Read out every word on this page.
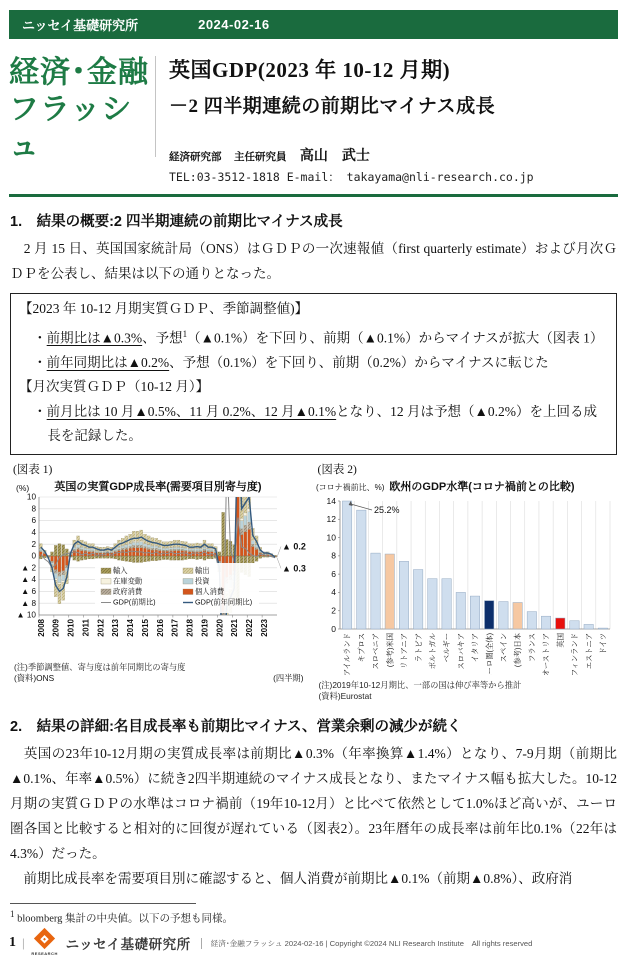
ニッセイ基礎研究所	2024-02-16
経済･金融
フラッシュ
英国GDP(2023 年 10-12 月期)
－2 四半期連続の前期比マイナス成長
経済研究部 主任研究員 高山　武士
TEL:03-3512-1818 E-mail： takayama@nli-research.co.jp
1.　結果の概要:2 四半期連続の前期比マイナス成長

　2 月 15 日、英国国家統計局（ONS）はＧＤＰの一次速報値（first quarterly estimate）および月次ＧＤＰを公表し、結果は以下の通りとなった。

【2023 年 10-12 月期実質ＧＤＰ、季節調整値)】
・前期比は▲0.3%、予想$^1$（▲0.1%）を下回り、前期（▲0.1%）からマイナスが拡大（図表 1）
・前年同期比は▲0.2%、予想（0.1%）を下回り、前期（0.2%）からマイナスに転じた
【月次実質ＧＤＰ（10-12 月）】
・前月比は 10 月▲0.5%、11 月 0.2%、12 月▲0.1%となり、12 月は予想（▲0.2%）を上回る成長を記録した。
(図表 1)
10
8
6
4
2
0
▲ 2
▲ 4
▲ 6
▲ 8
▲ 10
2008 2009 2010 2011 2012 2013 2014 2015 2016 2017 2018 2019 2020 2021 2022 2023
輸入	輸出
在庫変動	投資
政府消費	個人消費
GDP(前期比)	GDP(前年同期比)
(%) 英国の実質GDP成長率(需要項目別寄与度)
▲ 0.2
▲ 0.3
(注)季節調整値、寄与度は前年同期比の寄与度
(資料)ONS	(四半期)
(図表 2)
14
12
10
8
6
4
2
0
アイルランド キプロス スロベニア (参考)米国 リトアニア ラトビア ポルトガル ベルギー スロバキア イタリア ユーロ圏(全体) スペイン (参考)日本 フランス オーストリア 英国 フィンランド エストニア ドイツ
25.2%
(コロナ禍前比、%) 欧州のGDP水準(コロナ禍前との比較)
(注)2019年10-12月期比、一部の国は伸び率等から推計
(資料)Eurostat
2.　結果の詳細:名目成長率も前期比マイナス、営業余剰の減少が続く

　英国の23年10-12月期の実質成長率は前期比▲0.3%（年率換算▲1.4%）となり、7-9月期（前期比▲0.1%、年率▲0.5%）に続き2四半期連続のマイナス成長となり、またマイナス幅も拡大した。10-12月期の実質ＧＤＰの水準はコロナ禍前（19年10-12月）と比べて依然として1.0%ほど高いが、ユーロ圏各国と比較すると相対的に回復が遅れている（図表2）。23年暦年の成長率は前年比0.1%（22年は4.3%）だった。

　前期比成長率を需要項目別に確認すると、個人消費が前期比▲0.1%（前期▲0.8%）、政府消

$^1$ bloomberg 集計の中央値。以下の予想も同様。
1 |
RESEARCH
ニッセイ基礎研究所	経済･金融フラッシュ 2024-02-16 | Copyright ©2024 NLI Research Institute　All rights reserved
